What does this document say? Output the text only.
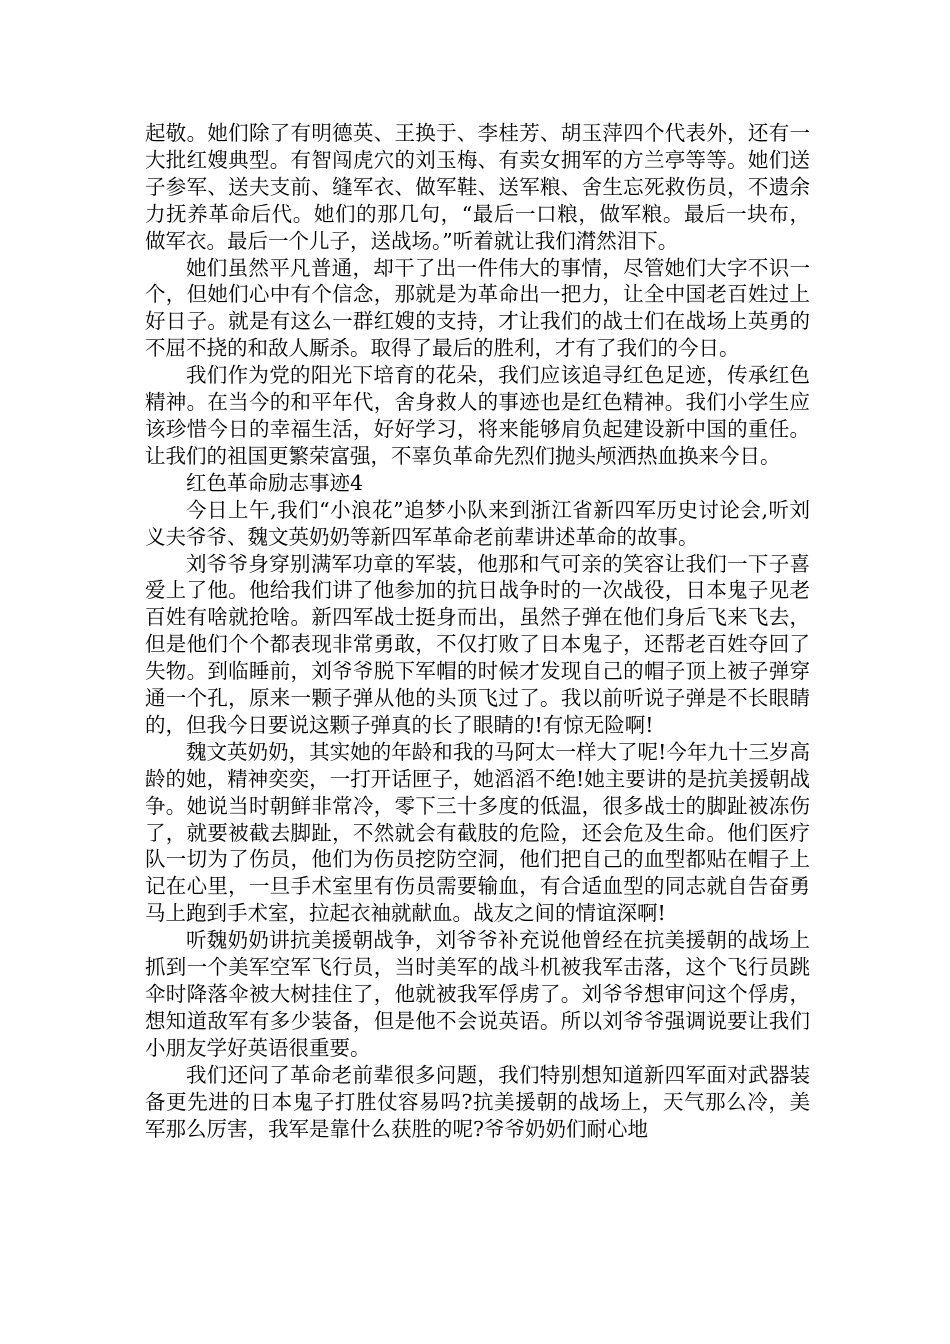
起敬。她们除了有明德英、王换于、李桂芳、胡玉萍四个代表外，还有一大批红嫂典型。有智闯虎穴的刘玉梅、有卖女拥军的方兰亭等等。她们送子参军、送夫支前、缝军衣、做军鞋、送军粮、舍生忘死救伤员，不遗余力抚养革命后代。她们的那几句，“最后一口粮，做军粮。最后一块布，做军衣。最后一个儿子，送战场。”听着就让我们潸然泪下。

她们虽然平凡普通，却干了出一件伟大的事情，尽管她们大字不识一个，但她们心中有个信念，那就是为革命出一把力，让全中国老百姓过上好日子。就是有这么一群红嫂的支持，才让我们的战士们在战场上英勇的不屈不挠的和敌人厮杀。取得了最后的胜利，才有了我们的今日。

我们作为党的阳光下培育的花朵，我们应该追寻红色足迹，传承红色精神。在当今的和平年代，舍身救人的事迹也是红色精神。我们小学生应该珍惜今日的幸福生活，好好学习，将来能够肩负起建设新中国的重任。让我们的祖国更繁荣富强，不辜负革命先烈们抛头颅洒热血换来今日。

红色革命励志事迹4

今日上午,我们“小浪花”追梦小队来到浙江省新四军历史讨论会,听刘义夫爷爷、魏文英奶奶等新四军革命老前辈讲述革命的故事。

刘爷爷身穿别满军功章的军装，他那和气可亲的笑容让我们一下子喜爱上了他。他给我们讲了他参加的抗日战争时的一次战役，日本鬼子见老百姓有啥就抢啥。新四军战士挺身而出，虽然子弹在他们身后飞来飞去，但是他们个个都表现非常勇敢，不仅打败了日本鬼子，还帮老百姓夺回了失物。到临睡前，刘爷爷脱下军帽的时候才发现自己的帽子顶上被子弹穿通一个孔，原来一颗子弹从他的头顶飞过了。我以前听说子弹是不长眼睛的，但我今日要说这颗子弹真的长了眼睛的!有惊无险啊!

魏文英奶奶，其实她的年龄和我的马阿太一样大了呢!今年九十三岁高龄的她，精神奕奕，一打开话匣子，她滔滔不绝!她主要讲的是抗美援朝战争。她说当时朝鲜非常冷，零下三十多度的低温，很多战士的脚趾被冻伤了，就要被截去脚趾，不然就会有截肢的危险，还会危及生命。他们医疗队一切为了伤员，他们为伤员挖防空洞，他们把自己的血型都贴在帽子上记在心里，一旦手术室里有伤员需要输血，有合适血型的同志就自告奋勇马上跑到手术室，拉起衣袖就献血。战友之间的情谊深啊!

听魏奶奶讲抗美援朝战争，刘爷爷补充说他曾经在抗美援朝的战场上抓到一个美军空军飞行员，当时美军的战斗机被我军击落，这个飞行员跳伞时降落伞被大树挂住了，他就被我军俘虏了。刘爷爷想审问这个俘虏，想知道敌军有多少装备，但是他不会说英语。所以刘爷爷强调说要让我们小朋友学好英语很重要。

我们还问了革命老前辈很多问题，我们特别想知道新四军面对武器装备更先进的日本鬼子打胜仗容易吗?抗美援朝的战场上，天气那么冷，美军那么厉害，我军是靠什么获胜的呢?爷爷奶奶们耐心地
